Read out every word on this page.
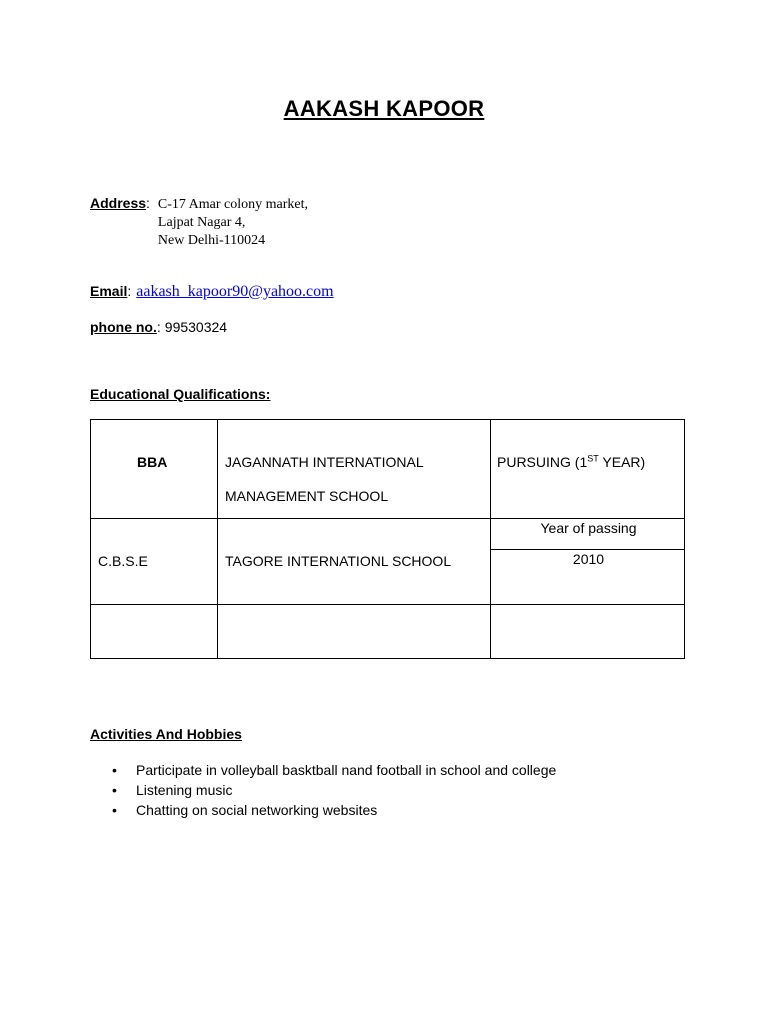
AAKASH KAPOOR
Address : C-17 Amar colony market,
Lajpat Nagar 4,
New Delhi-110024
Email : aakash_kapoor90@yahoo.com
phone no. : 99530324
Educational Qualifications:
BBA	JAGANNATH INTERNATIONAL
MANAGEMENT SCHOOL
PURSUING (1ST YEAR)
C.B.S.E	TAGORE INTERNATIONL SCHOOL
Year of passing
2010
Activities And Hobbies
• Participate in volleyball basktball nand football in school and college
• Listening music
• Chatting on social networking websites
